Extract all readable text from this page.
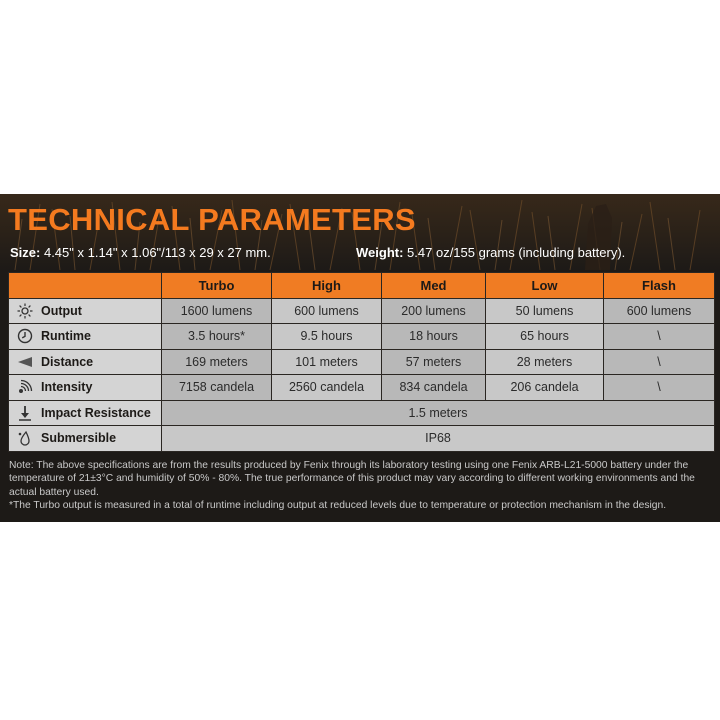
TECHNICAL PARAMETERS
Size: 4.45" x 1.14" x 1.06"/113 x 29 x 27 mm.	Weight: 5.47 oz/155 grams (including battery).
	Turbo	High	Med	Low	Flash
Output	1600 lumens	600 lumens	200 lumens	50 lumens	600 lumens
Runtime	3.5 hours*	9.5 hours	18 hours	65 hours	\
Distance	169 meters	101 meters	57 meters	28 meters	\
Intensity	7158 candela	2560 candela	834 candela	206 candela	\
Impact Resistance	1.5 meters				
Submersible	IP68				

Note: The above specifications are from the results produced by Fenix through its laboratory testing using one Fenix ARB-L21-5000 battery under the temperature of 21±3°C and humidity of 50% - 80%. The true performance of this product may vary according to different working environments and the actual battery used.

*The Turbo output is measured in a total of runtime including output at reduced levels due to temperature or protection mechanism in the design.
